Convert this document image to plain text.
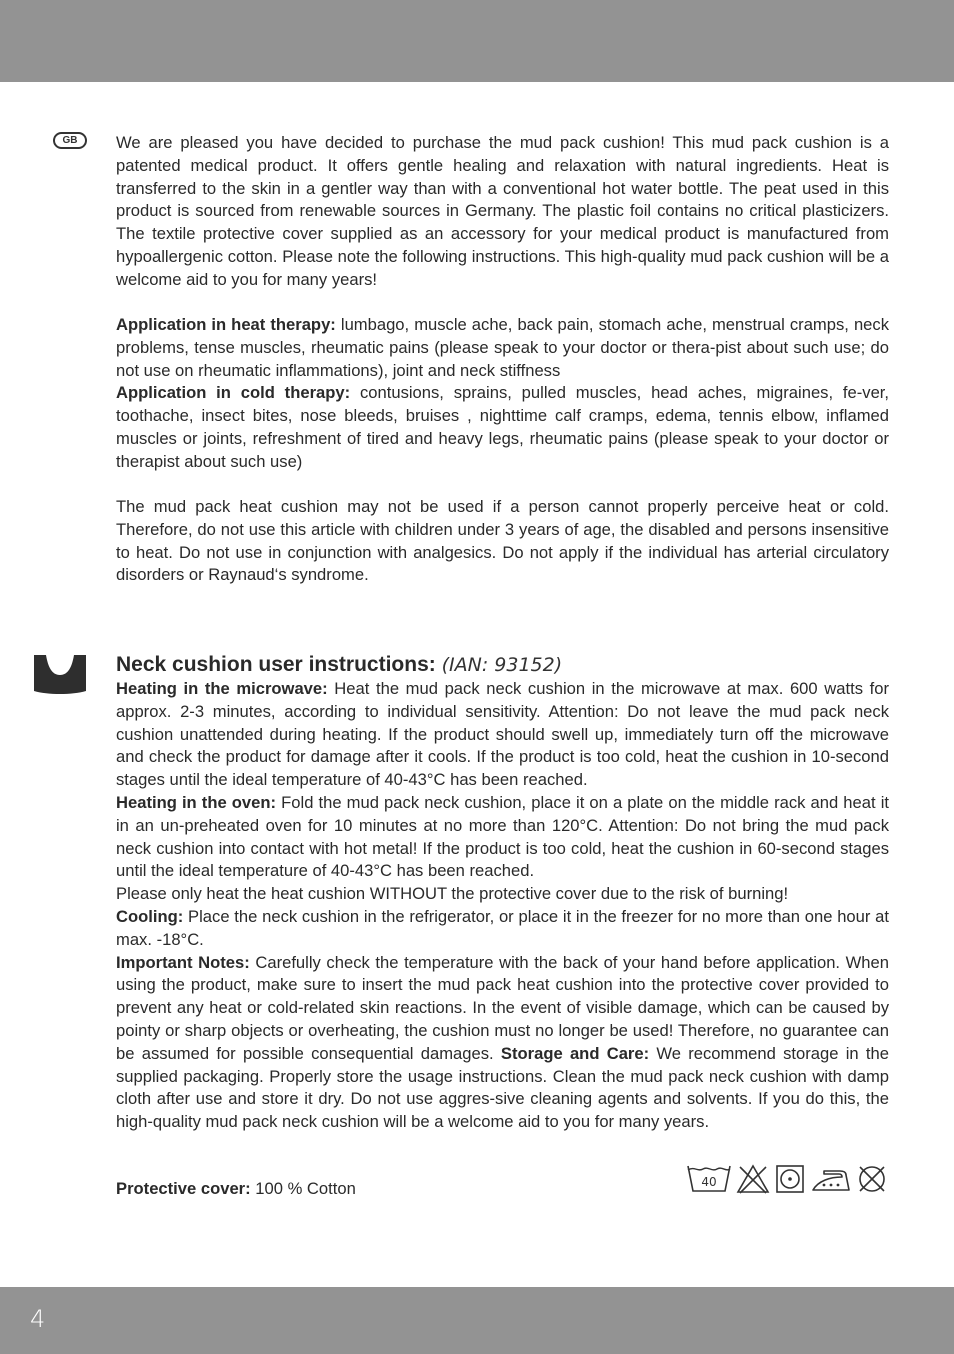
GB	We are pleased you have decided to purchase the mud pack cushion! This mud pack cushion is a patented medical product. It offers gentle healing and relaxation with natural ingredients. Heat is transferred to the skin in a gentler way than with a conventional hot water bottle. The peat used in this product is sourced from renewable sources in Germany. The plastic foil contains no critical plasticizers. The textile protective cover supplied as an accessory for your medical product is manufactured from hypoallergenic cotton. Please note the following instructions. This high-quality mud pack cushion will be a welcome aid to you for many years!

Application in heat therapy: lumbago, muscle ache, back pain, stomach ache, menstrual cramps, neck problems, tense muscles, rheumatic pains (please speak to your doctor or thera-pist about such use; do not use on rheumatic inflammations), joint and neck stiffness

Application in cold therapy: contusions, sprains, pulled muscles, head aches, migraines, fe-ver, toothache, insect bites, nose bleeds, bruises , nighttime calf cramps, edema, tennis elbow, inflamed muscles or joints, refreshment of tired and heavy legs, rheumatic pains (please speak to your doctor or therapist about such use)

The mud pack heat cushion may not be used if a person cannot properly perceive heat or cold. Therefore, do not use this article with children under 3 years of age, the disabled and persons insensitive to heat. Do not use in conjunction with analgesics. Do not apply if the individual has arterial circulatory disorders or Raynaud‘s syndrome.

Neck cushion user instructions: (IAN: 93152)

Heating in the microwave: Heat the mud pack neck cushion in the microwave at max. 600 watts for approx. 2-3 minutes, according to individual sensitivity. Attention: Do not leave the mud pack neck cushion unattended during heating. If the product should swell up, immediately turn off the microwave and check the product for damage after it cools. If the product is too cold, heat the cushion in 10-second stages until the ideal temperature of 40-43°C has been reached.

Heating in the oven: Fold the mud pack neck cushion, place it on a plate on the middle rack and heat it in an un-preheated oven for 10 minutes at no more than 120°C. Attention: Do not bring the mud pack neck cushion into contact with hot metal! If the product is too cold, heat the cushion in 60-second stages until the ideal temperature of 40-43°C has been reached.

Please only heat the heat cushion WITHOUT the protective cover due to the risk of burning!

Cooling: Place the neck cushion in the refrigerator, or place it in the freezer for no more than one hour at max. -18°C.

Important Notes: Carefully check the temperature with the back of your hand before application. When using the product, make sure to insert the mud pack heat cushion into the protective cover provided to prevent any heat or cold-related skin reactions. In the event of visible damage, which can be caused by pointy or sharp objects or overheating, the cushion must no longer be used! Therefore, no guarantee can be assumed for possible consequential damages. Storage and Care: We recommend storage in the supplied packaging. Properly store the usage instructions. Clean the mud pack neck cushion with damp cloth after use and store it dry. Do not use aggres-sive cleaning agents and solvents. If you do this, the high-quality mud pack neck cushion will be a welcome aid to you for many years.

Protective cover: 100 % Cotton	40
4
